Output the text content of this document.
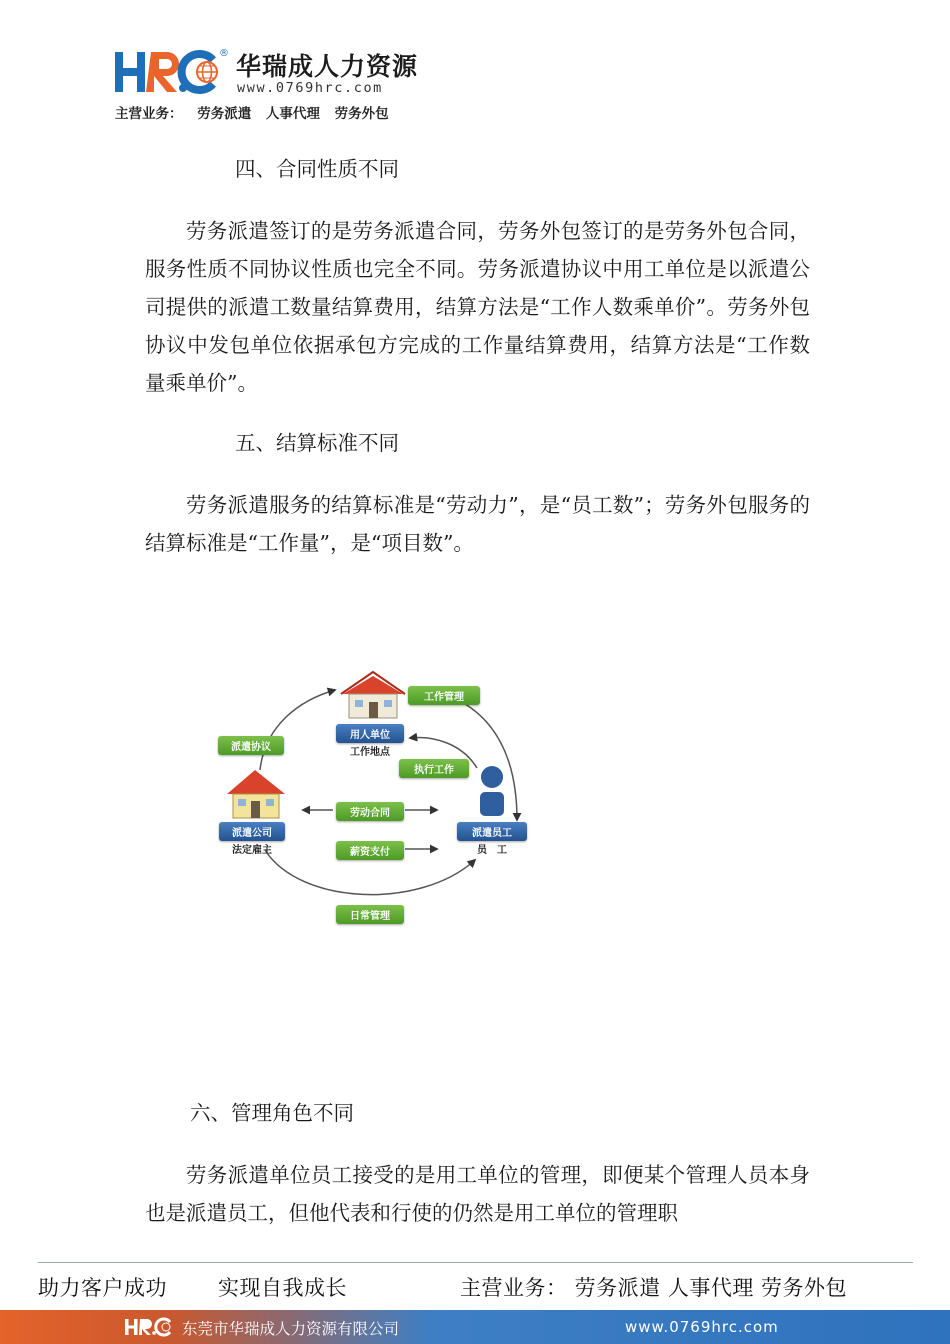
® 华瑞成人力资源
www.0769hrc.com
主营业务： 劳务派遣 人事代理 劳务外包
四、合同性质不同
劳务派遣签订的是劳务派遣合同，劳务外包签订的是劳务外包合同，服务性质不同协议性质也完全不同。劳务派遣协议中用工单位是以派遣公司提供的派遣工数量结算费用，结算方法是“工作人数乘单价”。劳务外包协议中发包单位依据承包方完成的工作量结算费用，结算方法是“工作数量乘单价”。
五、结算标准不同
劳务派遣服务的结算标准是“劳动力”，是“员工数”；劳务外包服务的结算标准是“工作量”，是“项目数”。
用人单位
工作地点
派遣公司
法定雇主
派遣员工
员　工
工作管理
派遣协议
执行工作
劳动合同
薪资支付
日常管理
六、管理角色不同
劳务派遣单位员工接受的是用工单位的管理，即便某个管理人员本身也是派遣员工，但他代表和行使的仍然是用工单位的管理职
助力客户成功 实现自我成长	主营业务： 劳务派遣 人事代理 劳务外包
东莞市华瑞成人力资源有限公司	www.0769hrc.com
